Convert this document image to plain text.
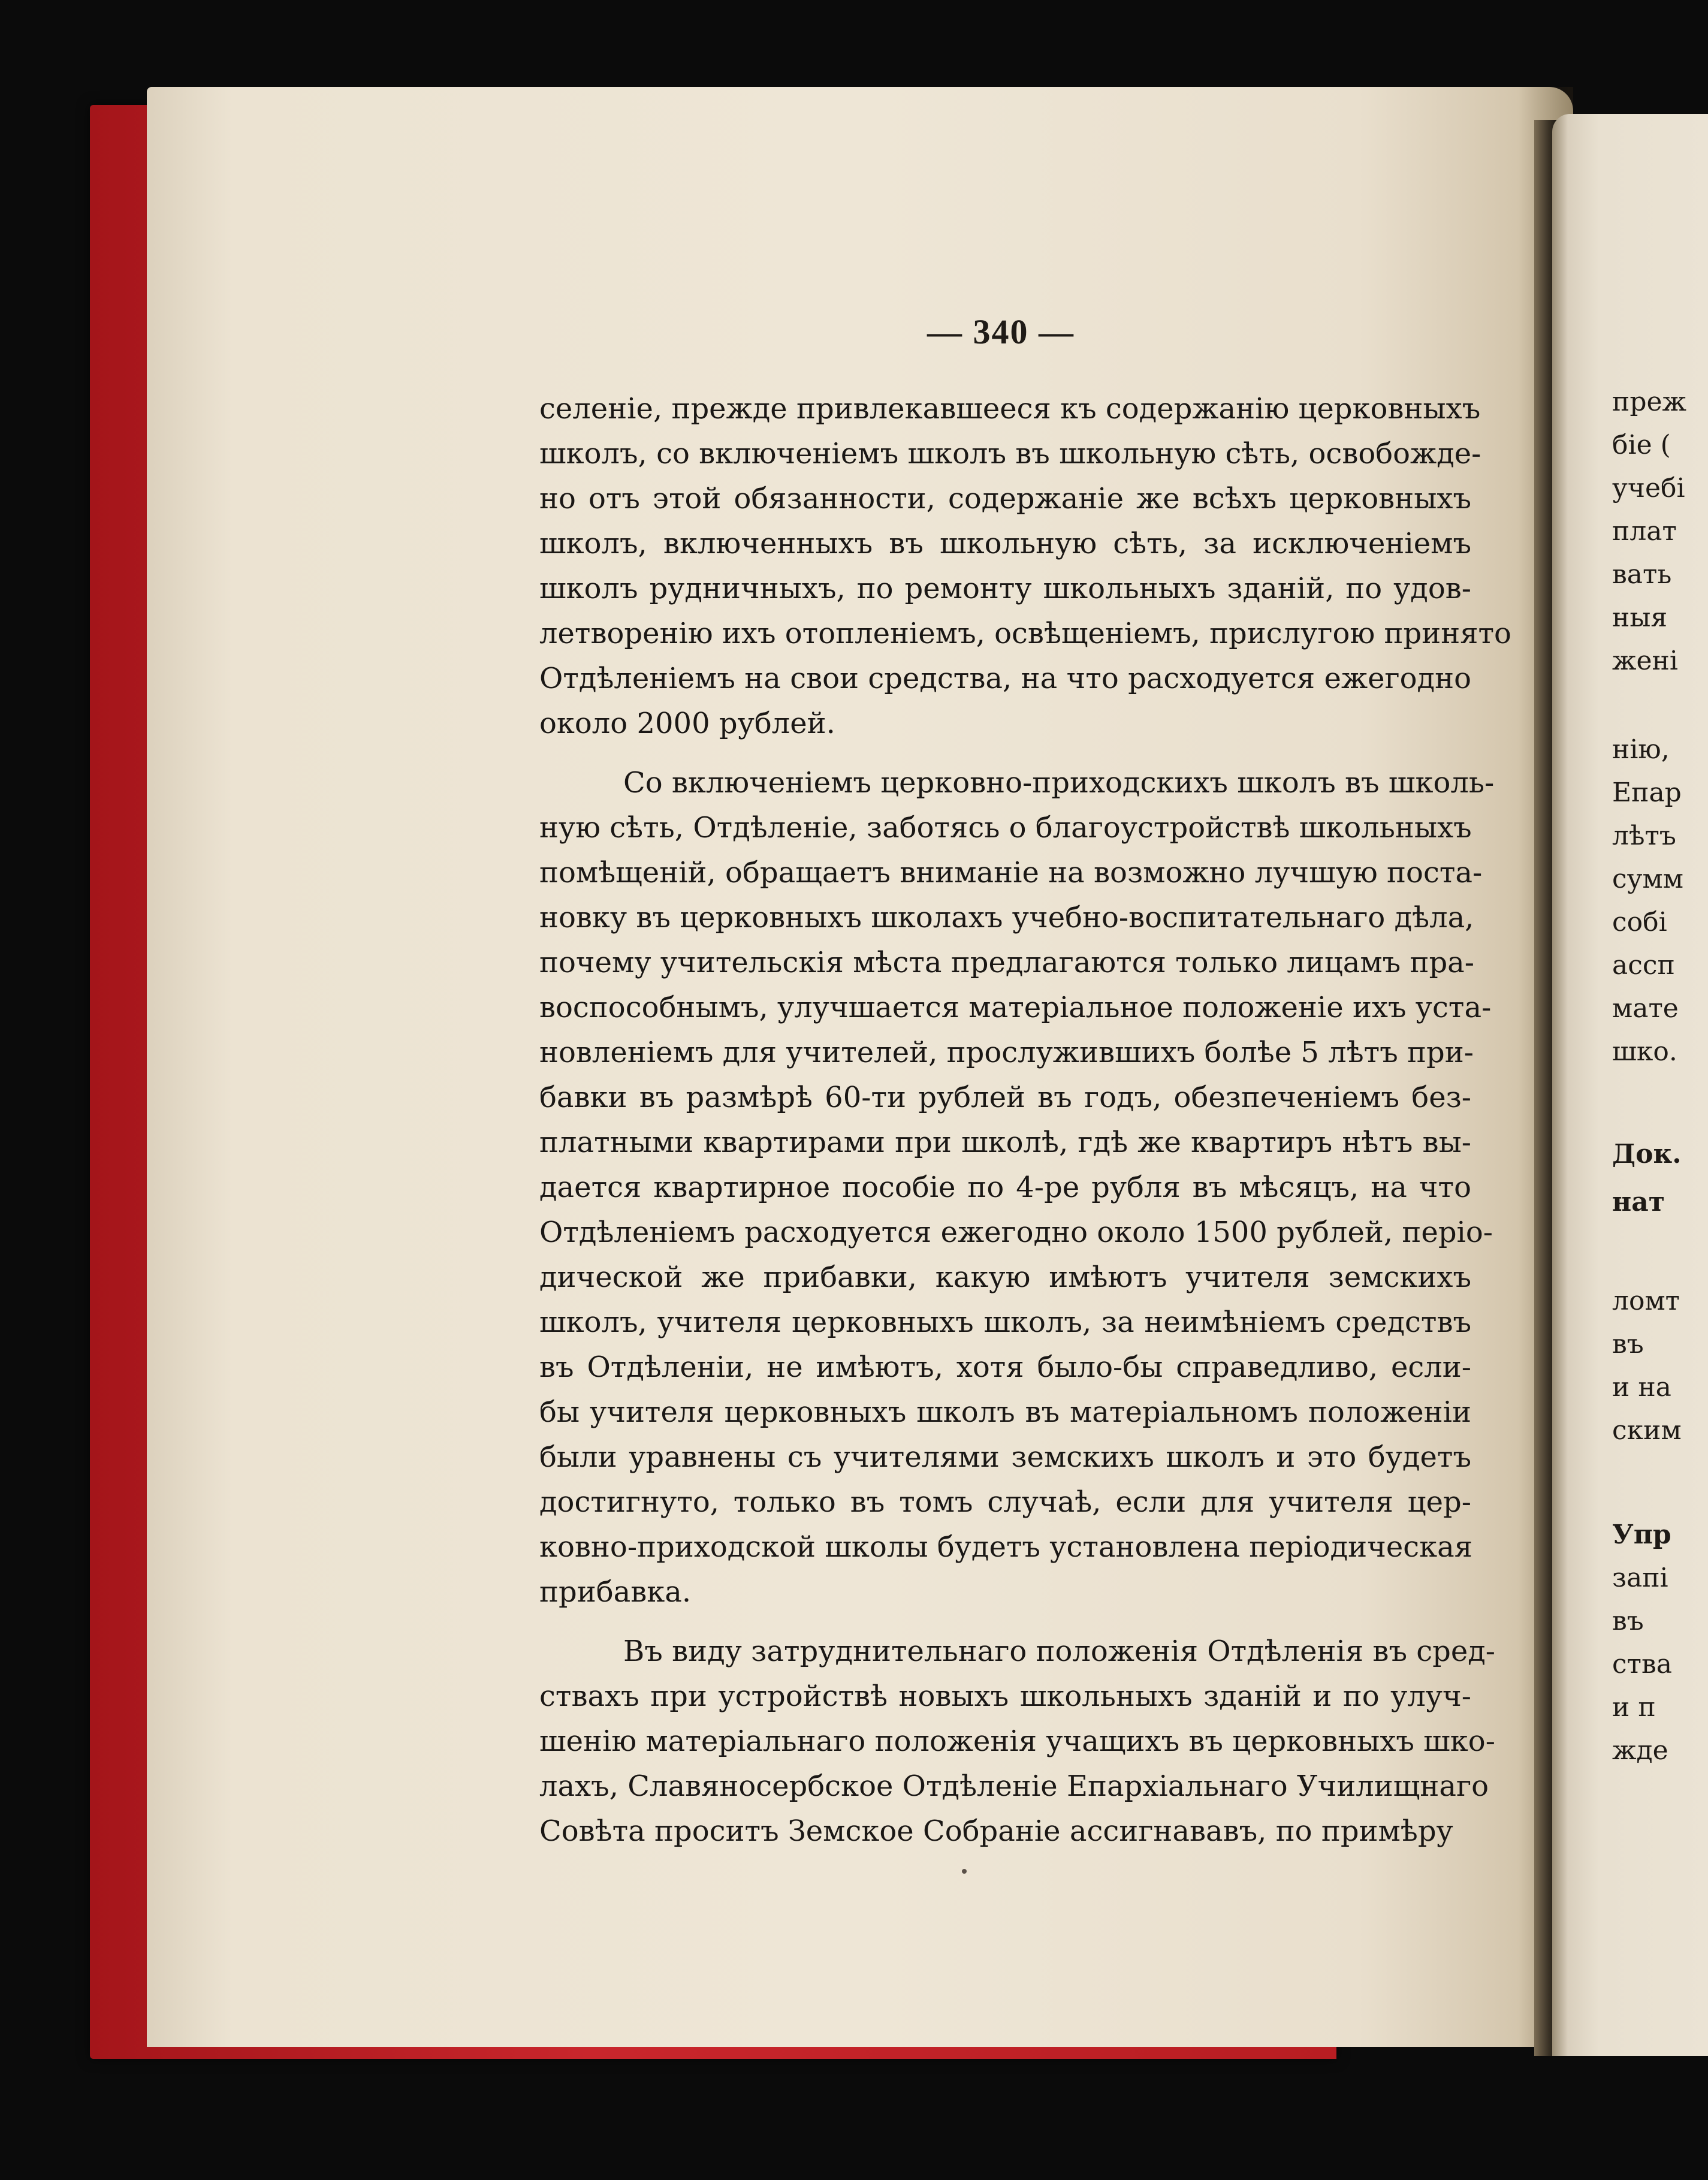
— 340 —
селеніе, прежде привлекавшееся къ содержанію церковныхъ
школъ, со включеніемъ школъ въ школьную сѣть, освобожде-
но отъ этой обязанности, содержаніе же всѣхъ церковныхъ
школъ, включенныхъ въ школьную сѣть, за исключеніемъ
школъ рудничныхъ, по ремонту школьныхъ зданій, по удов-
летворенію ихъ отопленіемъ, освѣщеніемъ, прислугою принято
Отдѣленіемъ на свои средства, на что расходуется ежегодно
около 2000 рублей.
Со включеніемъ церковно-приходскихъ школъ въ школь-
ную сѣть, Отдѣленіе, заботясь о благоустройствѣ школьныхъ
помѣщеній, обращаетъ вниманіе на возможно лучшую поста-
новку въ церковныхъ школахъ учебно-воспитательнаго дѣла,
почему учительскія мѣста предлагаются только лицамъ пра-
воспособнымъ, улучшается матеріальное положеніе ихъ уста-
новленіемъ для учителей, прослужившихъ болѣе 5 лѣтъ при-
бавки въ размѣрѣ 60-ти рублей въ годъ, обезпеченіемъ без-
платными квартирами при школѣ, гдѣ же квартиръ нѣтъ вы-
дается квартирное пособіе по 4-ре рубля въ мѣсяцъ, на что
Отдѣленіемъ расходуется ежегодно около 1500 рублей, періо-
дической же прибавки, какую имѣютъ учителя земскихъ
школъ, учителя церковныхъ школъ, за неимѣніемъ средствъ
въ Отдѣленіи, не имѣютъ, хотя было-бы справедливо, если-
бы учителя церковныхъ школъ въ матеріальномъ положеніи
были уравнены съ учителями земскихъ школъ и это будетъ
достигнуто, только въ томъ случаѣ, если для учителя цер-
ковно-приходской школы будетъ установлена періодическая
прибавка.
Въ виду затруднительнаго положенія Отдѣленія въ сред-
ствахъ при устройствѣ новыхъ школьныхъ зданій и по улуч-
шенію матеріальнаго положенія учащихъ въ церковныхъ шко-
лахъ, Славяносербское Отдѣленіе Епархіальнаго Училищнаго
Совѣта проситъ Земское Собраніе ассигнававъ, по примѣру
преж
біе (
учебі
плат
вать
ныя
жені
нію,
Епар
лѣтъ
сумм
собі
ассп
мате
шко.
Док.
нат
ломт
въ
и на
ским
Упр
запі
въ
ства
и п
жде
